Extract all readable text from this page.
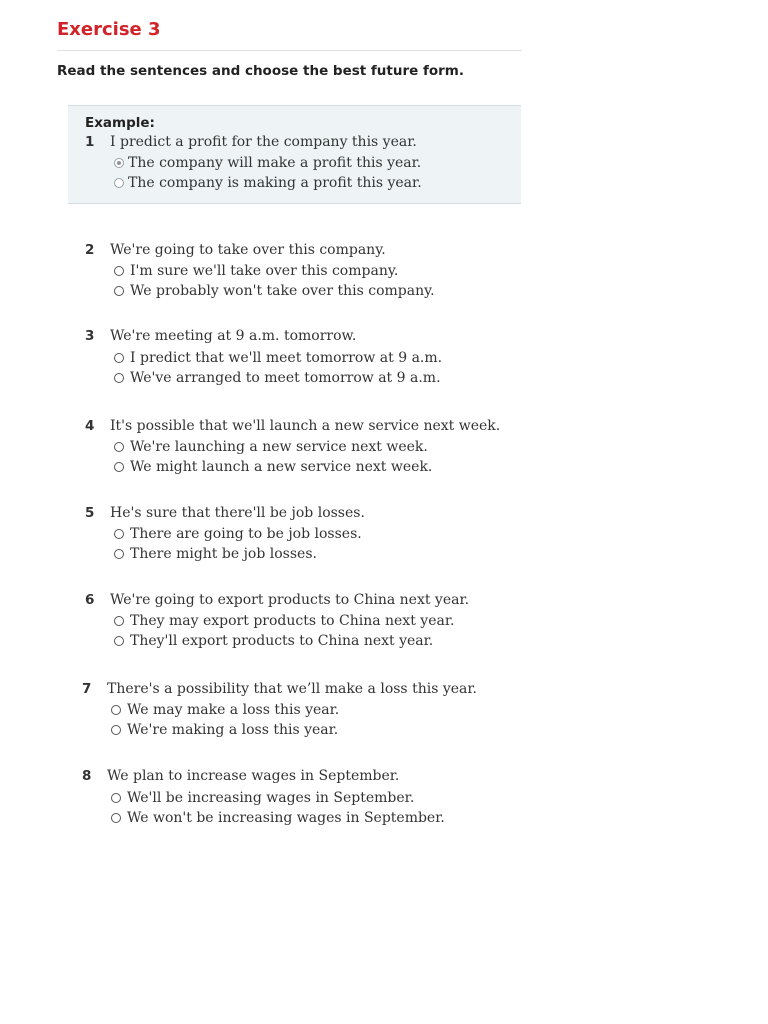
Exercise 3
Read the sentences and choose the best future form.
Example:
1 I predict a profit for the company this year.
The company will make a profit this year.
The company is making a profit this year.
2 We're going to take over this company.
I'm sure we'll take over this company.
We probably won't take over this company.
3 We're meeting at 9 a.m. tomorrow.
I predict that we'll meet tomorrow at 9 a.m.
We've arranged to meet tomorrow at 9 a.m.
4 It's possible that we'll launch a new service next week.
We're launching a new service next week.
We might launch a new service next week.
5 He's sure that there'll be job losses.
There are going to be job losses.
There might be job losses.
6 We're going to export products to China next year.
They may export products to China next year.
They'll export products to China next year.
7 There's a possibility that we’ll make a loss this year.
We may make a loss this year.
We're making a loss this year.
8 We plan to increase wages in September.
We'll be increasing wages in September.
We won't be increasing wages in September.
